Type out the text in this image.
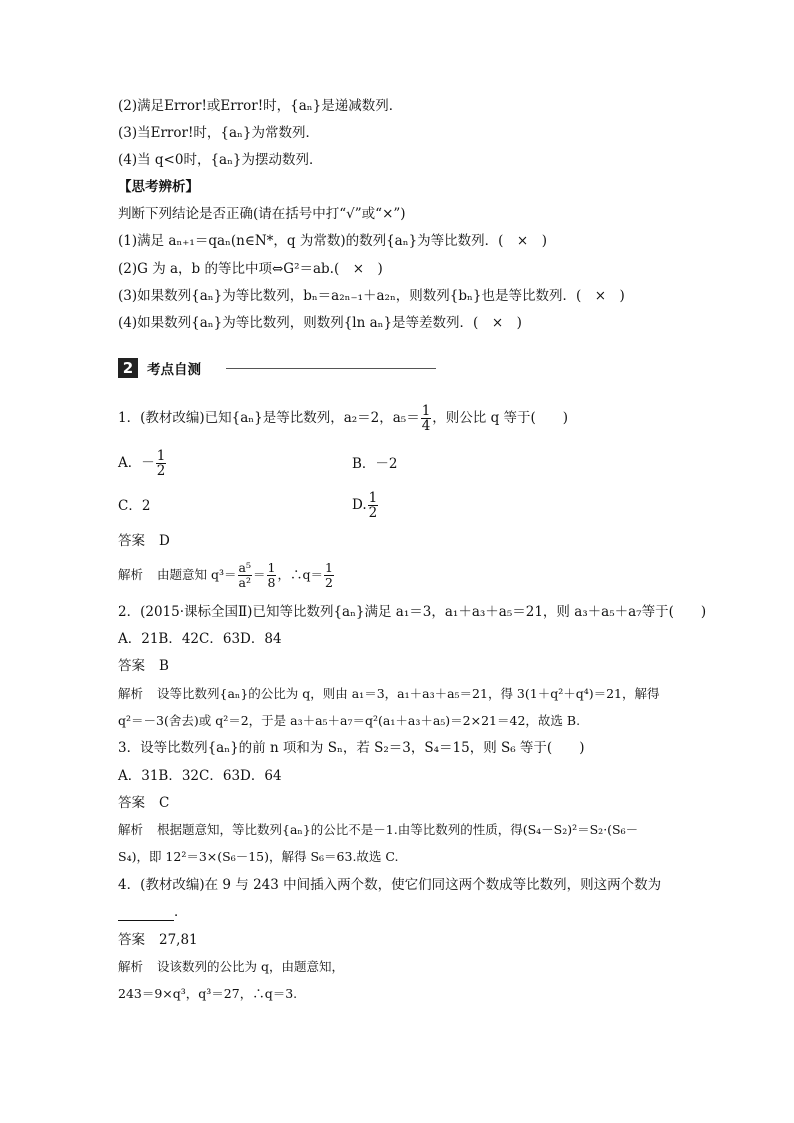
(2)满足Error!或Error!时，{aₙ}是递减数列．
(3)当Error!时，{aₙ}为常数列．
(4)当 q<0时，{aₙ}为摆动数列．
【思考辨析】
判断下列结论是否正确(请在括号中打“√”或“×”)
(1)满足 aₙ₊₁＝qaₙ(n∈N*，q 为常数)的数列{aₙ}为等比数列．(　×　)
(2)G 为 a，b 的等比中项⇔G²＝ab.(　×　)
(3)如果数列{aₙ}为等比数列，bₙ＝a₂ₙ₋₁＋a₂ₙ，则数列{bₙ}也是等比数列．(　×　)
(4)如果数列{aₙ}为等比数列，则数列{ln aₙ}是等差数列．(　×　)
2	考点自测
1．(教材改编)已知{aₙ}是等比数列，a₂＝2，$a_5= \frac{1}{4}$ ，则公比 q 等于(　　)
A．－ $\frac{1}{2}$	B．－2
C．2	D. $\frac{1}{2}$
答案 D
解析 由题意知 $q^3= \frac{\text{a⁵}}{\text{a²}} = \frac{1}{8}$ ，∴q＝ $\frac{1}{2}$
2．(2015·课标全国Ⅱ)已知等比数列{aₙ}满足 a₁＝3，a₁＋a₃＋a₅＝21，则 a₃＋a₅＋a₇等于(　　)
A．21B．42C．63D．84
答案 B
解析 设等比数列{aₙ}的公比为 q，则由 a₁＝3，a₁＋a₃＋a₅＝21，得 3(1＋q²＋q⁴)＝21，解得
q²＝－3(舍去)或 q²＝2，于是 a₃＋a₅＋a₇＝q²(a₁＋a₃＋a₅)＝2×21＝42，故选 B.
3．设等比数列{aₙ}的前 n 项和为 Sₙ，若 S₂＝3，S₄＝15，则 S₆ 等于(　　)
A．31B．32C．63D．64
答案 C
解析 根据题意知，等比数列{aₙ}的公比不是－1.由等比数列的性质，得(S₄－S₂)²＝S₂·(S₆－
S₄)，即 12²＝3×(S₆－15)，解得 S₆＝63.故选 C.
4．(教材改编)在 9 与 243 中间插入两个数，使它们同这两个数成等比数列，则这两个数为
．
答案 27,81
解析 设该数列的公比为 q，由题意知，
243＝9×q³，q³＝27，∴q＝3.
